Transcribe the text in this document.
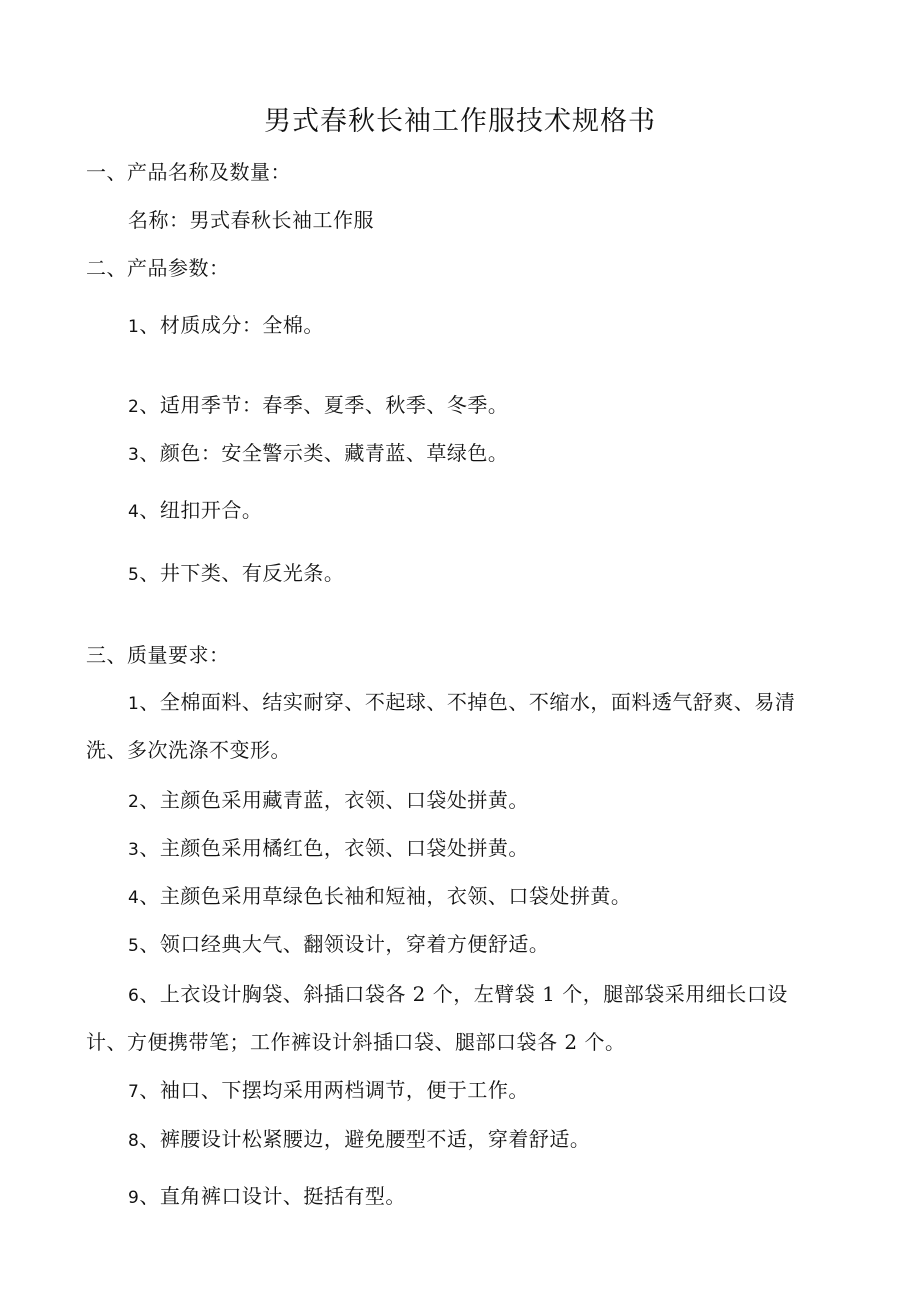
男式春秋长袖工作服技术规格书
一、产品名称及数量：
名称：男式春秋长袖工作服
二、产品参数：
1、材质成分：全棉。
2、适用季节：春季、夏季、秋季、冬季。
3、颜色：安全警示类、藏青蓝、草绿色。
4、纽扣开合。
5、井下类、有反光条。
三、质量要求：
1、全棉面料、结实耐穿、不起球、不掉色、不缩水，面料透气舒爽、易清
洗、多次洗涤不变形。
2、主颜色采用藏青蓝，衣领、口袋处拼黄。
3、主颜色采用橘红色，衣领、口袋处拼黄。
4、主颜色采用草绿色长袖和短袖，衣领、口袋处拼黄。
5、领口经典大气、翻领设计，穿着方便舒适。
6、上衣设计胸袋、斜插口袋各 2 个，左臂袋 1 个，腿部袋采用细长口设
计、方便携带笔；工作裤设计斜插口袋、腿部口袋各 2 个。
7、袖口、下摆均采用两档调节，便于工作。
8、裤腰设计松紧腰边，避免腰型不适，穿着舒适。
9、直角裤口设计、挺括有型。
